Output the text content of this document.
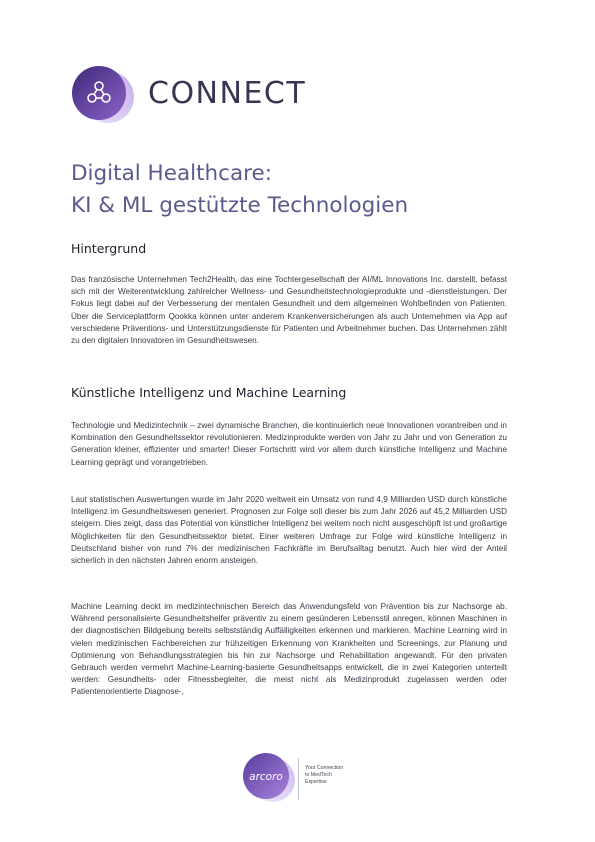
CONNECT
Digital Healthcare:
KI & ML gestützte Technologien
Hintergrund

Das französische Unternehmen Tech2Health, das eine Tochtergesellschaft der AI/ML Innovations Inc. darstellt, befasst sich mit der Weiterentwicklung zahlreicher Wellness- und Gesundheitstechnologieprodukte und -dienstleistungen. Der Fokus liegt dabei auf der Verbesserung der mentalen Gesundheit und dem allgemeinen Wohlbefinden von Patienten. Über die Serviceplattform Qookka können unter anderem Krankenversicherungen als auch Unternehmen via App auf verschiedene Präventions- und Unterstützungsdienste für Patienten und Arbeitnehmer buchen. Das Unternehmen zählt zu den digitalen Innovatoren im Gesundheitswesen.

Künstliche Intelligenz und Machine Learning

Technologie und Medizintechnik – zwei dynamische Branchen, die kontinuierlich neue Innovationen vorantreiben und in Kombination den Gesundheitssektor revolutionieren. Medizinprodukte werden von Jahr zu Jahr und von Generation zu Generation kleiner, effizienter und smarter! Dieser Fortschritt wird vor allem durch künstliche Intelligenz und Machine Learning geprägt und vorangetrieben.

Laut statistischen Auswertungen wurde im Jahr 2020 weltweit ein Umsatz von rund 4,9 Milliarden USD durch künstliche Intelligenz im Gesundheitswesen generiert. Prognosen zur Folge soll dieser bis zum Jahr 2026 auf 45,2 Milliarden USD steigern. Dies zeigt, dass das Potential von künstlicher Intelligenz bei weitem noch nicht ausgeschöpft ist und großartige Möglichkeiten für den Gesundheitssektor bietet. Einer weiteren Umfrage zur Folge wird künstliche Intelligenz in Deutschland bisher von rund 7% der medizinischen Fachkräfte im Berufsalltag benutzt. Auch hier wird der Anteil sicherlich in den nächsten Jahren enorm ansteigen.

Machine Learning deckt im medizintechnischen Bereich das Anwendungsfeld von Prävention bis zur Nachsorge ab. Während personalisierte Gesundheitshelfer präventiv zu einem gesünderen Lebensstil anregen, können Maschinen in der diagnostischen Bildgebung bereits selbstständig Auffälligkeiten erkennen und markieren. Machine Learning wird in vielen medizinischen Fachbereichen zur frühzeitigen Erkennung von Krankheiten und Screenings, zur Planung und Optimierung von Behandlungsstrategien bis hin zur Nachsorge und Rehabilitation angewandt. Für den privaten Gebrauch werden vermehrt Machine-Learning-basierte Gesundheitsapps entwickelt, die in zwei Kategorien unterteilt werden: Gesundheits- oder Fitnessbegleiter, die meist nicht als Medizinprodukt zugelassen werden oder Patientenorientierte Diagnose-,

arcoro
Your Connection
to MedTech
Expertise
